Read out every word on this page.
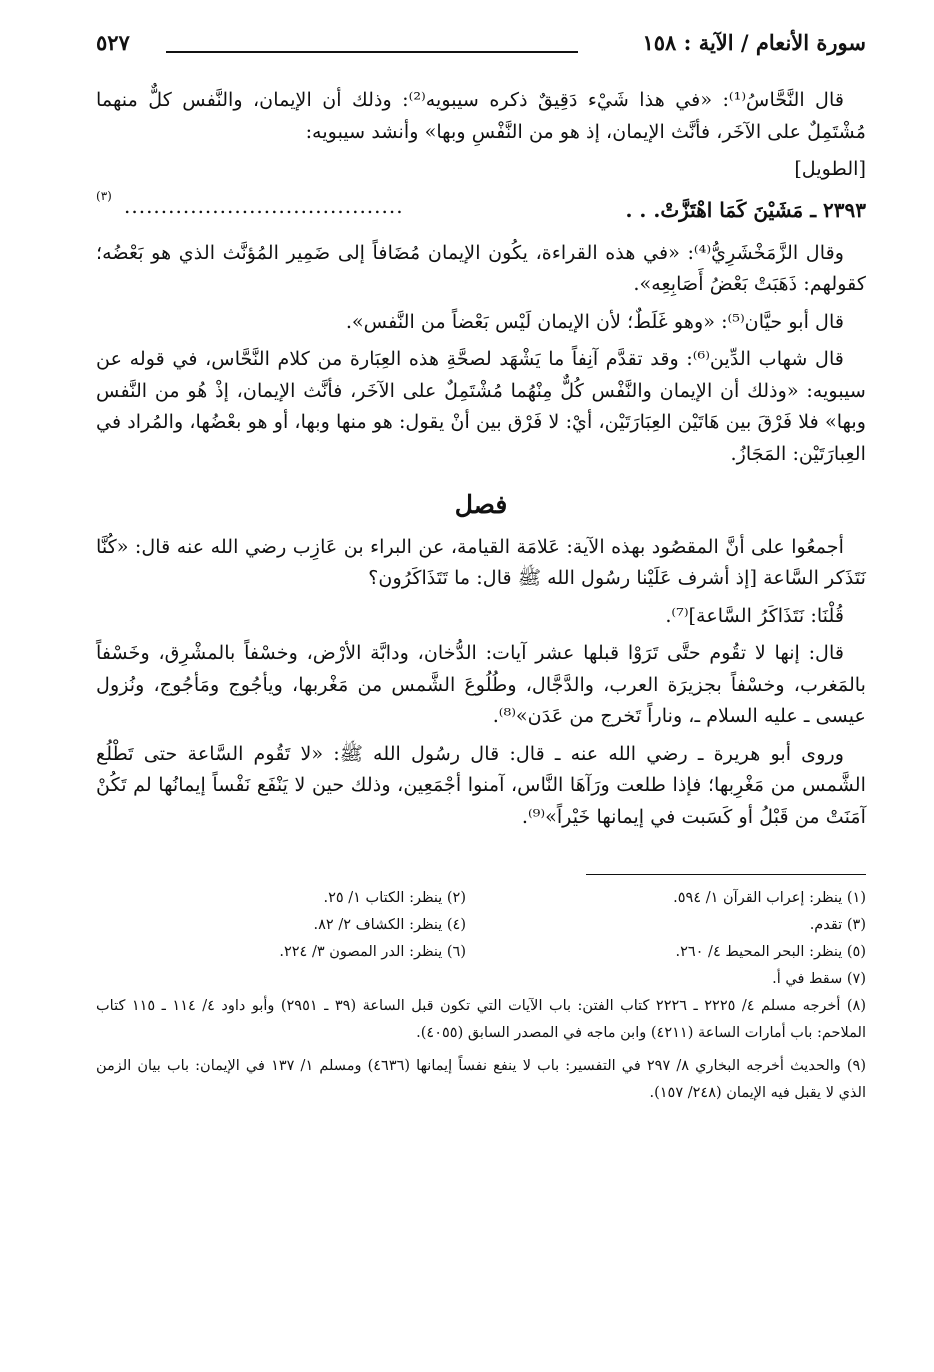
سورة الأنعام / الآية : ١٥٨
٥٢٧

قال النَّحَّاسُ⁽¹⁾: «في هذا شَيْء دَقِيقٌ ذكره سيبويه⁽²⁾: وذلك أن الإيمان، والنَّفس كلٌّ منهما مُشْتَمِلٌ على الآخَر، فأنَّث الإيمان، إذ هو من النَّفْسِ وبها» وأنشد سيبويه:

[الطويل]

٢٣٩٣ ـ مَشَيْنَ كَمَا اهْتَزَّتْ. . .
......................................
(٣)

وقال الزَّمَخْشَرِيُّ⁽⁴⁾: «في هذه القراءة، يكُون الإيمان مُضَافاً إلى ضَمِير المُؤنَّث الذي هو بَعْضُه؛ كقولهم: ذَهَبَتْ بَعْضُ أَصَابِعِه».

قال أبو حيَّان⁽⁵⁾: «وهو غَلَطٌ؛ لأن الإيمان لَيْس بَعْضاً من النَّفس».

قال شهاب الدِّين⁽⁶⁾: وقد تقدَّم آنِفاً ما يَشْهَد لصحَّةِ هذه العِبَارة من كلام النَّحَّاس، في قوله عن سيبويه: «وذلك أن الإيمان والنَّفْس كُلٌّ مِنْهُما مُشْتَمِلٌ على الآخَر، فأنَّث الإيمان، إذْ هُو من النَّفس وبها» فلا فَرْقَ بين هَاتَيْن العِبَارَتَيْن، أيْ: لا فَرْق بين أنْ يقول: هو منها وبها، أو هو بعْضُها، والمُراد في العِبارَتَيْن: المَجَازُ.

فصل

أجمعُوا على أنَّ المقصُود بهذه الآية: عَلامَة القيامة، عن البراء بن عَازِب رضي الله عنه قال: «كُنَّا نَتَذَكر السَّاعة [إذ أشرف عَلَيْنا رسُول الله ﷺ قال: ما تَتَذَاكَرُون؟

قُلْنَا: نَتَذَاكَرُ السَّاعة]⁽⁷⁾.

قال: إنها لا تقُوم حتَّى تَرَوْا قبلها عشر آيات: الدُّخان، ودابَّة الأرْض، وخسْفاً بالمشْرِق، وخَسْفاً بالمَغرب، وخسْفاً بجزيرَة العرب، والدَّجَّال، وطُلُوعَ الشَّمس من مَغْربها، ويأجُوج ومَأجُوج، ونُزول عيسى ـ عليه السلام ـ، وناراً تَخرج من عَدَن»⁽⁸⁾.

وروى أبو هريرة ـ رضي الله عنه ـ قال: قال رسُول الله ﷺ: «لا تَقُوم السَّاعة حتى تَطْلُع الشَّمس من مَغْرِبها؛ فإذا طلعت ورَآهَا النَّاس، آمنوا أجْمَعِين، وذلك حين لا يَنْفَع نَفْساً إيمانُها لم تَكُنْ آمَنَتْ من قَبْلُ أو كَسَبت في إيمانها خَيْراً»⁽⁹⁾.

(١) ينظر: إعراب القرآن ١/ ٥٩٤.

(٢) ينظر: الكتاب ١/ ٢٥.

(٣) تقدم.

(٤) ينظر: الكشاف ٢/ ٨٢.

(٥) ينظر: البحر المحيط ٤/ ٢٦٠.

(٦) ينظر: الدر المصون ٣/ ٢٢٤.

(٧) سقط في أ.

(٨) أخرجه مسلم ٤/ ٢٢٢٥ ـ ٢٢٢٦ كتاب الفتن: باب الآيات التي تكون قبل الساعة (٣٩ ـ ٢٩٥١) وأبو داود ٤/ ١١٤ ـ ١١٥ كتاب الملاحم: باب أمارات الساعة (٤٢١١) وابن ماجه في المصدر السابق (٤٠٥٥).

(٩) والحديث أخرجه البخاري ٨/ ٢٩٧ في التفسير: باب لا ينفع نفساً إيمانها (٤٦٣٦) ومسلم ١/ ١٣٧ في الإيمان: باب بيان الزمن الذي لا يقبل فيه الإيمان (٢٤٨/ ١٥٧).
